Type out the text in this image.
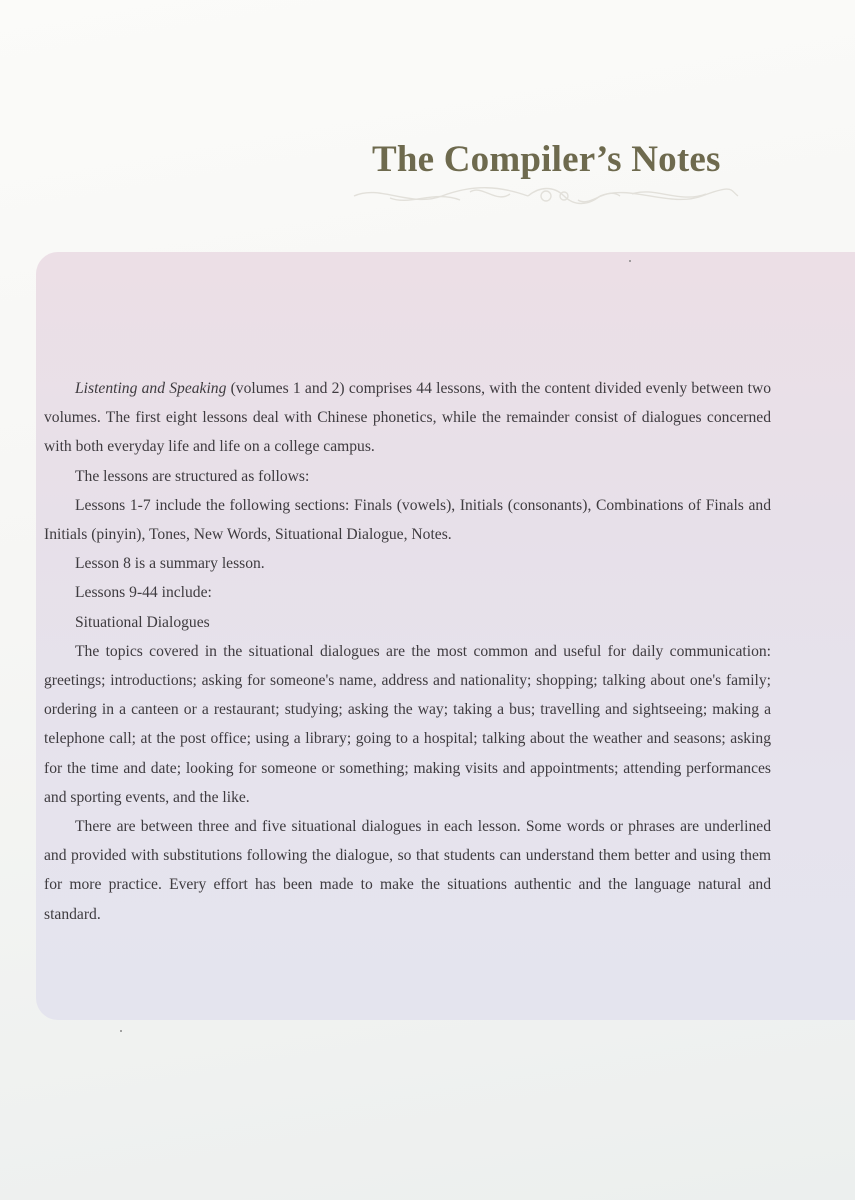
The Compiler’s Notes

Listenting and Speaking (volumes 1 and 2) comprises 44 lessons, with the content divided evenly between two volumes. The first eight lessons deal with Chinese phonetics, while the remainder consist of dialogues concerned with both everyday life and life on a college campus.

The lessons are structured as follows:

Lessons 1-7 include the following sections: Finals (vowels), Initials (consonants), Combinations of Finals and Initials (pinyin), Tones, New Words, Situational Dialogue, Notes.

Lesson 8 is a summary lesson.

Lessons 9-44 include:

Situational Dialogues

The topics covered in the situational dialogues are the most common and useful for daily communication: greetings; introductions; asking for someone's name, address and nationality; shopping; talking about one's family; ordering in a canteen or a restaurant; studying; asking the way; taking a bus; travelling and sightseeing; making a telephone call; at the post office; using a library; going to a hospital; talking about the weather and seasons; asking for the time and date; looking for someone or something; making visits and appointments; attending performances and sporting events, and the like.

There are between three and five situational dialogues in each lesson. Some words or phrases are underlined and provided with substitutions following the dialogue, so that students can understand them better and using them for more practice. Every effort has been made to make the situations authentic and the language natural and standard.
